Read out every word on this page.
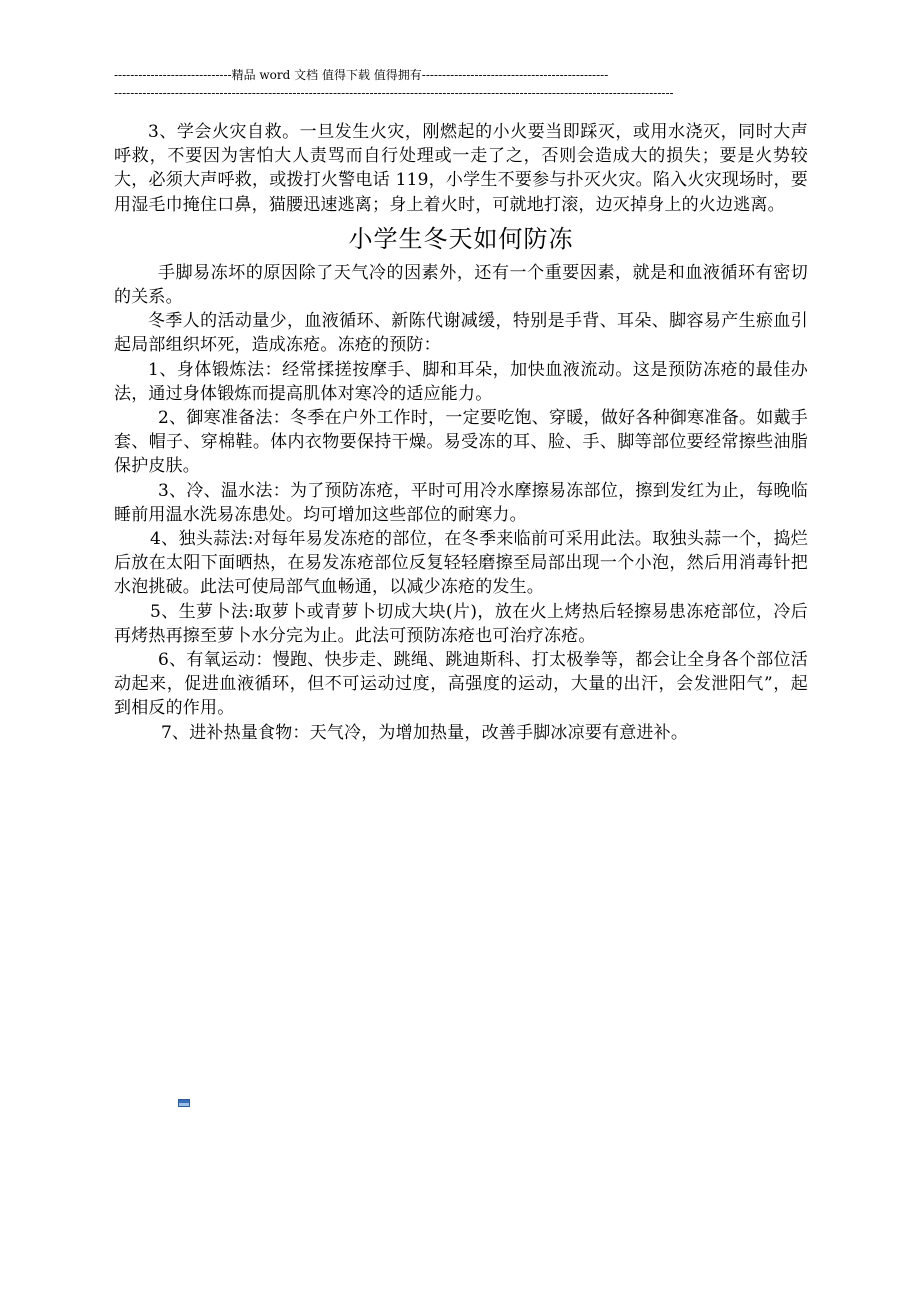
-----------------------------精品 word 文档 值得下载 值得拥有----------------------------------------------
------------------------------------------------------------------------------------------------------------------------------------------

3、学会火灾自救。一旦发生火灾，刚燃起的小火要当即踩灭，或用水浇灭，同时大声呼救，不要因为害怕大人责骂而自行处理或一走了之，否则会造成大的损失；要是火势较大，必须大声呼救，或拨打火警电话 119，小学生不要参与扑灭火灾。陷入火灾现场时，要用湿毛巾掩住口鼻，猫腰迅速逃离；身上着火时，可就地打滚，边灭掉身上的火边逃离。

小学生冬天如何防冻

手脚易冻坏的原因除了天气冷的因素外，还有一个重要因素，就是和血液循环有密切的关系。

冬季人的活动量少，血液循环、新陈代谢减缓，特别是手背、耳朵、脚容易产生瘀血引起局部组织坏死，造成冻疮。冻疮的预防：

1、身体锻炼法：经常揉搓按摩手、脚和耳朵，加快血液流动。这是预防冻疮的最佳办法，通过身体锻炼而提高肌体对寒冷的适应能力。

2、御寒准备法：冬季在户外工作时，一定要吃饱、穿暖，做好各种御寒准备。如戴手套、帽子、穿棉鞋。体内衣物要保持干燥。易受冻的耳、脸、手、脚等部位要经常擦些油脂保护皮肤。

3、冷、温水法：为了预防冻疮，平时可用冷水摩擦易冻部位，擦到发红为止，每晚临睡前用温水洗易冻患处。均可增加这些部位的耐寒力。

4、独头蒜法:对每年易发冻疮的部位，在冬季来临前可采用此法。取独头蒜一个，捣烂后放在太阳下面晒热，在易发冻疮部位反复轻轻磨擦至局部出现一个小泡，然后用消毒针把水泡挑破。此法可使局部气血畅通，以减少冻疮的发生。

5、生萝卜法:取萝卜或青萝卜切成大块(片)，放在火上烤热后轻擦易患冻疮部位，冷后再烤热再擦至萝卜水分完为止。此法可预防冻疮也可治疗冻疮。

6、有氧运动：慢跑、快步走、跳绳、跳迪斯科、打太极拳等，都会让全身各个部位活动起来，促进血液循环，但不可运动过度，高强度的运动，大量的出汗，会发泄阳气”，起到相反的作用。

7、进补热量食物：天气冷，为增加热量，改善手脚冰凉要有意进补。
